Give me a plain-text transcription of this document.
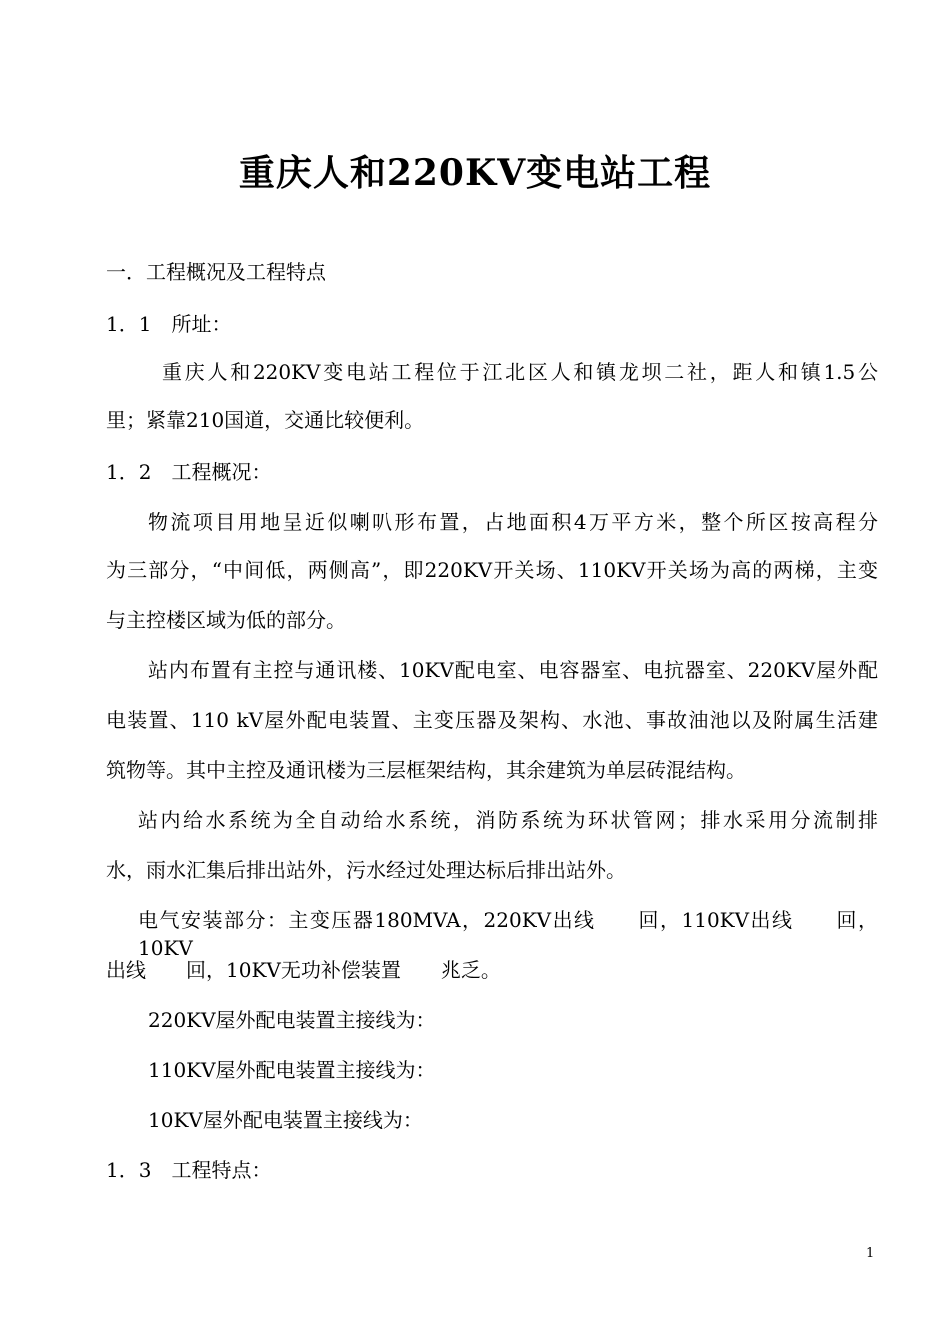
重庆人和220KV变电站工程
一．工程概况及工程特点
1．1　所址：
重庆人和220KV变电站工程位于江北区人和镇龙坝二社，距人和镇1.5公
里；紧靠210国道，交通比较便利。
1．2　工程概况：
物流项目用地呈近似喇叭形布置，占地面积4万平方米，整个所区按高程分
为三部分，“中间低，两侧高”，即220KV开关场、110KV开关场为高的两梯，主变
与主控楼区域为低的部分。
站内布置有主控与通讯楼、10KV配电室、电容器室、电抗器室、220KV屋外配
电装置、110 kV屋外配电装置、主变压器及架构、水池、事故油池以及附属生活建
筑物等。其中主控及通讯楼为三层框架结构，其余建筑为单层砖混结构。
站内给水系统为全自动给水系统，消防系统为环状管网；排水采用分流制排
水，雨水汇集后排出站外，污水经过处理达标后排出站外。
电气安装部分：主变压器180MVA，220KV出线　　回，110KV出线　　回，10KV
出线　　回，10KV无功补偿装置　　兆乏。
220KV屋外配电装置主接线为：
110KV屋外配电装置主接线为：
10KV屋外配电装置主接线为：
1．3　工程特点：
1
